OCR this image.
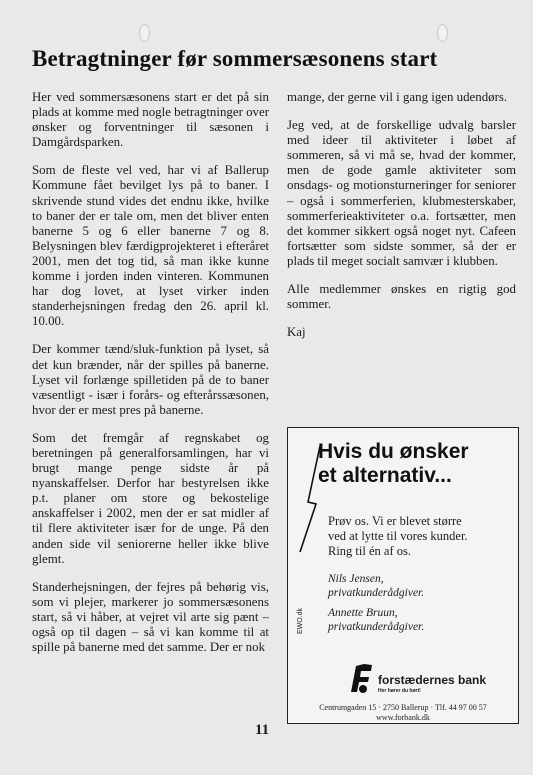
Betragtninger før sommersæsonens start

Her ved sommersæsonens start er det på sin plads at komme med nogle betragtninger over ønsker og forventninger til sæsonen i Damgårdsparken.

Som de fleste vel ved, har vi af Ballerup Kommune fået bevilget lys på to baner. I skrivende stund vides det endnu ikke, hvilke to baner der er tale om, men det bliver enten banerne 5 og 6 eller banerne 7 og 8. Belysningen blev færdigprojekteret i efteråret 2001, men det tog tid, så man ikke kunne komme i jorden inden vinteren. Kommunen har dog lovet, at lyset virker inden standerhejsningen fredag den 26. april kl. 10.00.

Der kommer tænd/sluk-funktion på lyset, så det kun brænder, når der spilles på banerne. Lyset vil forlænge spilletiden på de to baner væsentligt - især i forårs- og efterårssæsonen, hvor der er mest pres på banerne.

Som det fremgår af regnskabet og beretningen på generalforsamlingen, har vi brugt mange penge sidste år på nyanskaffelser. Derfor har bestyrelsen ikke p.t. planer om store og bekostelige anskaffelser i 2002, men der er sat midler af til flere aktiviteter især for de unge. På den anden side vil seniorerne heller ikke blive glemt.

Standerhejsningen, der fejres på behørig vis, som vi plejer, markerer jo sommersæsonens start, så vi håber, at vejret vil arte sig pænt – også op til dagen – så vi kan komme til at spille på banerne med det samme. Der er nok

mange, der gerne vil i gang igen udendørs.

Jeg ved, at de forskellige udvalg barsler med ideer til aktiviteter i løbet af sommeren, så vi må se, hvad der kommer, men de gode gamle aktiviteter som onsdags- og motionsturneringer for seniorer – også i sommerferien, klubmesterskaber, sommerferieaktiviteter o.a. fortsætter, men det kommer sikkert også noget nyt. Cafeen fortsætter som sidste sommer, så der er plads til meget socialt samvær i klubben.

Alle medlemmer ønskes en rigtig god sommer.

Kaj

Hvis du ønsker
et alternativ...
Prøv os. Vi er blevet større
ved at lytte til vores kunder.
Ring til én af os.
Nils Jensen,
privatkunderådgiver.
Annette Bruun,
privatkunderådgiver.
EWO.dk
forstædernes bank
Her hører du hørt!
Centrumgaden 15 · 2750 Ballerup · Tlf. 44 97 00 57
www.forbank.dk
11
